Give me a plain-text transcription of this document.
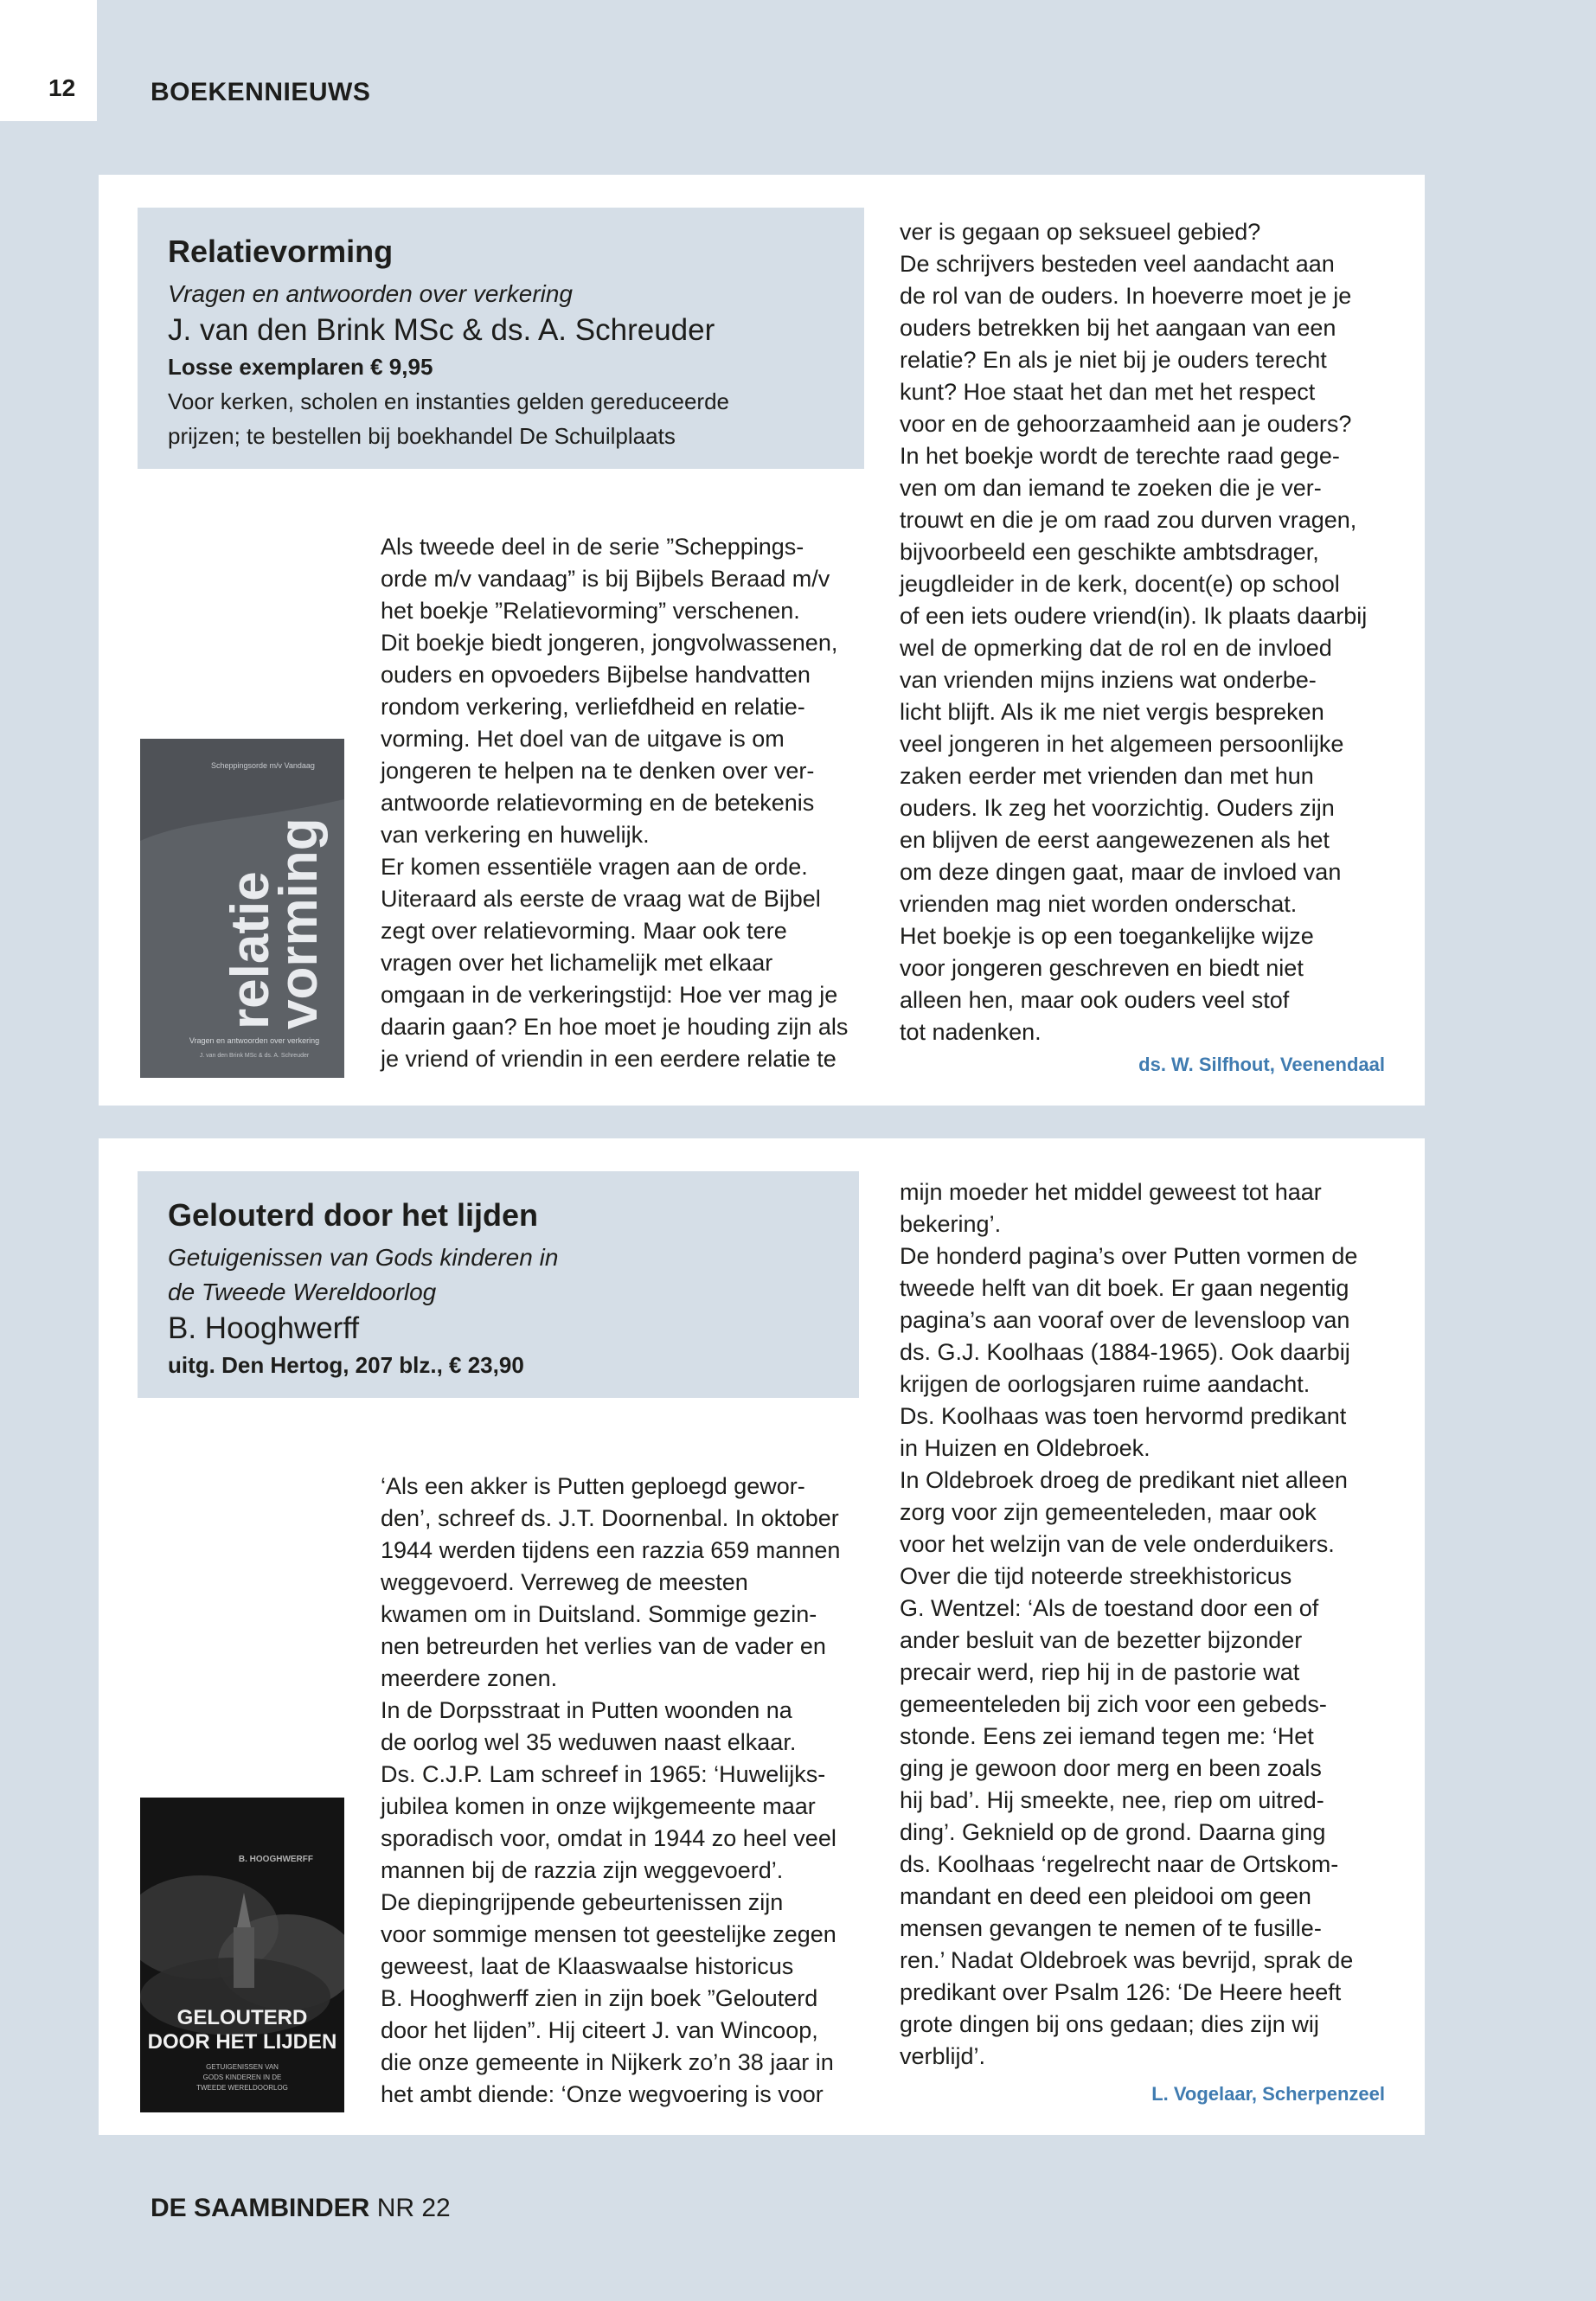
12	BOEKENNIEUWS
Relatievorming
Vragen en antwoorden over verkering
J. van den Brink MSc & ds. A. Schreuder
Losse exemplaren € 9,95
Voor kerken, scholen en instanties gelden gereduceerde
prijzen; te bestellen bij boekhandel De Schuilplaats
Scheppingsorde m/v Vandaag
relatie
vorming
Vragen en antwoorden over verkering
J. van den Brink MSc & ds. A. Schreuder

Als tweede deel in de serie ”Scheppings-

orde m/v vandaag” is bij Bijbels Beraad m/v

het boekje ”Relatievorming” verschenen.

Dit boekje biedt jongeren, jongvolwassenen,

ouders en opvoeders Bijbelse handvatten

rondom verkering, verliefdheid en relatie-

vorming. Het doel van de uitgave is om

jongeren te helpen na te denken over ver-

antwoorde relatievorming en de betekenis

van verkering en huwelijk.

Er komen essentiële vragen aan de orde.

Uiteraard als eerste de vraag wat de Bijbel

zegt over relatievorming. Maar ook tere

vragen over het lichamelijk met elkaar

omgaan in de verkeringstijd: Hoe ver mag je

daarin gaan? En hoe moet je houding zijn als

je vriend of vriendin in een eerdere relatie te

ver is gegaan op seksueel gebied?

De schrijvers besteden veel aandacht aan

de rol van de ouders. In hoeverre moet je je

ouders betrekken bij het aangaan van een

relatie? En als je niet bij je ouders terecht

kunt? Hoe staat het dan met het respect

voor en de gehoorzaamheid aan je ouders?

In het boekje wordt de terechte raad gege-

ven om dan iemand te zoeken die je ver-

trouwt en die je om raad zou durven vragen,

bijvoorbeeld een geschikte ambtsdrager,

jeugdleider in de kerk, docent(e) op school

of een iets oudere vriend(in). Ik plaats daarbij

wel de opmerking dat de rol en de invloed

van vrienden mijns inziens wat onderbe-

licht blijft. Als ik me niet vergis bespreken

veel jongeren in het algemeen persoonlijke

zaken eerder met vrienden dan met hun

ouders. Ik zeg het voorzichtig. Ouders zijn

en blijven de eerst aangewezenen als het

om deze dingen gaat, maar de invloed van

vrienden mag niet worden onderschat.

Het boekje is op een toegankelijke wijze

voor jongeren geschreven en biedt niet

alleen hen, maar ook ouders veel stof

tot nadenken.

ds. W. Silfhout, Veenendaal
Gelouterd door het lijden
Getuigenissen van Gods kinderen in
de Tweede Wereldoorlog
B. Hooghwerff
uitg. Den Hertog, 207 blz., € 23,90
B. HOOGHWERFF
GELOUTERD
DOOR HET LIJDEN
GETUIGENISSEN VAN
GODS KINDEREN IN DE
TWEEDE WERELDOORLOG

‘Als een akker is Putten geploegd gewor-

den’, schreef ds. J.T. Doornenbal. In oktober

1944 werden tijdens een razzia 659 mannen

weggevoerd. Verreweg de meesten

kwamen om in Duitsland. Sommige gezin-

nen betreurden het verlies van de vader en

meerdere zonen.

In de Dorpsstraat in Putten woonden na

de oorlog wel 35 weduwen naast elkaar.

Ds. C.J.P. Lam schreef in 1965: ‘Huwelijks-

jubilea komen in onze wijkgemeente maar

sporadisch voor, omdat in 1944 zo heel veel

mannen bij de razzia zijn weggevoerd’.

De diepingrijpende gebeurtenissen zijn

voor sommige mensen tot geestelijke zegen

geweest, laat de Klaaswaalse historicus

B. Hooghwerff zien in zijn boek ”Gelouterd

door het lijden”. Hij citeert J. van Wincoop,

die onze gemeente in Nijkerk zo’n 38 jaar in

het ambt diende: ‘Onze wegvoering is voor

mijn moeder het middel geweest tot haar

bekering’.

De honderd pagina’s over Putten vormen de

tweede helft van dit boek. Er gaan negentig

pagina’s aan vooraf over de levensloop van

ds. G.J. Koolhaas (1884-1965). Ook daarbij

krijgen de oorlogsjaren ruime aandacht.

Ds. Koolhaas was toen hervormd predikant

in Huizen en Oldebroek.

In Oldebroek droeg de predikant niet alleen

zorg voor zijn gemeenteleden, maar ook

voor het welzijn van de vele onderduikers.

Over die tijd noteerde streekhistoricus

G. Wentzel: ‘Als de toestand door een of

ander besluit van de bezetter bijzonder

precair werd, riep hij in de pastorie wat

gemeenteleden bij zich voor een gebeds-

stonde. Eens zei iemand tegen me: ‘Het

ging je gewoon door merg en been zoals

hij bad’. Hij smeekte, nee, riep om uitred-

ding’. Geknield op de grond. Daarna ging

ds. Koolhaas ‘regelrecht naar de Ortskom-

mandant en deed een pleidooi om geen

mensen gevangen te nemen of te fusille-

ren.’ Nadat Oldebroek was bevrijd, sprak de

predikant over Psalm 126: ‘De Heere heeft

grote dingen bij ons gedaan; dies zijn wij

verblijd’.

L. Vogelaar, Scherpenzeel
DE SAAMBINDER NR 22
